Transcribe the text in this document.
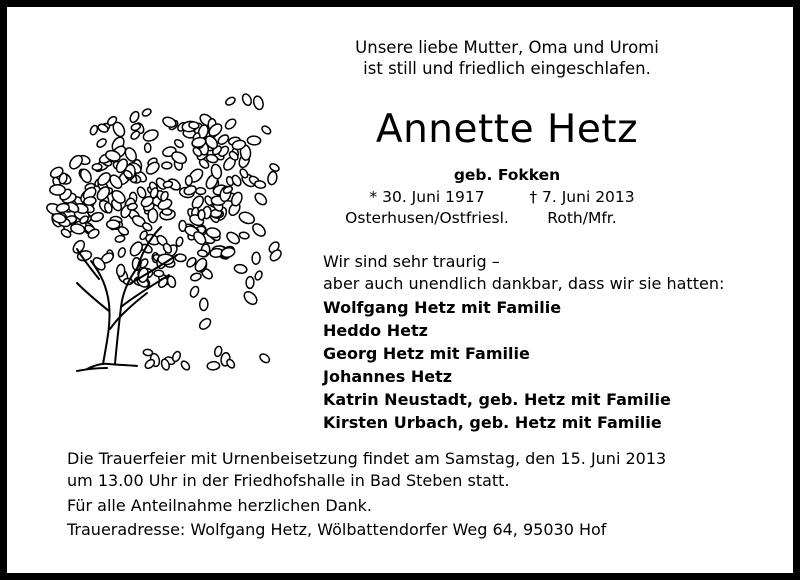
Unsere liebe Mutter, Oma und Uromi
ist still und friedlich eingeschlafen.
Annette Hetz
geb. Fokken
* 30. Juni 1917
Osterhusen/Ostfriesl.
† 7. Juni 2013
Roth/Mfr.
Wir sind sehr traurig –
aber auch unendlich dankbar, dass wir sie hatten:
Wolfgang Hetz mit Familie
Heddo Hetz
Georg Hetz mit Familie
Johannes Hetz
Katrin Neustadt, geb. Hetz mit Familie
Kirsten Urbach, geb. Hetz mit Familie
Die Trauerfeier mit Urnenbeisetzung findet am Samstag, den 15. Juni 2013
um 13.00 Uhr in der Friedhofshalle in Bad Steben statt.
Für alle Anteilnahme herzlichen Dank.
Traueradresse: Wolfgang Hetz, Wölbattendorfer Weg 64, 95030 Hof
